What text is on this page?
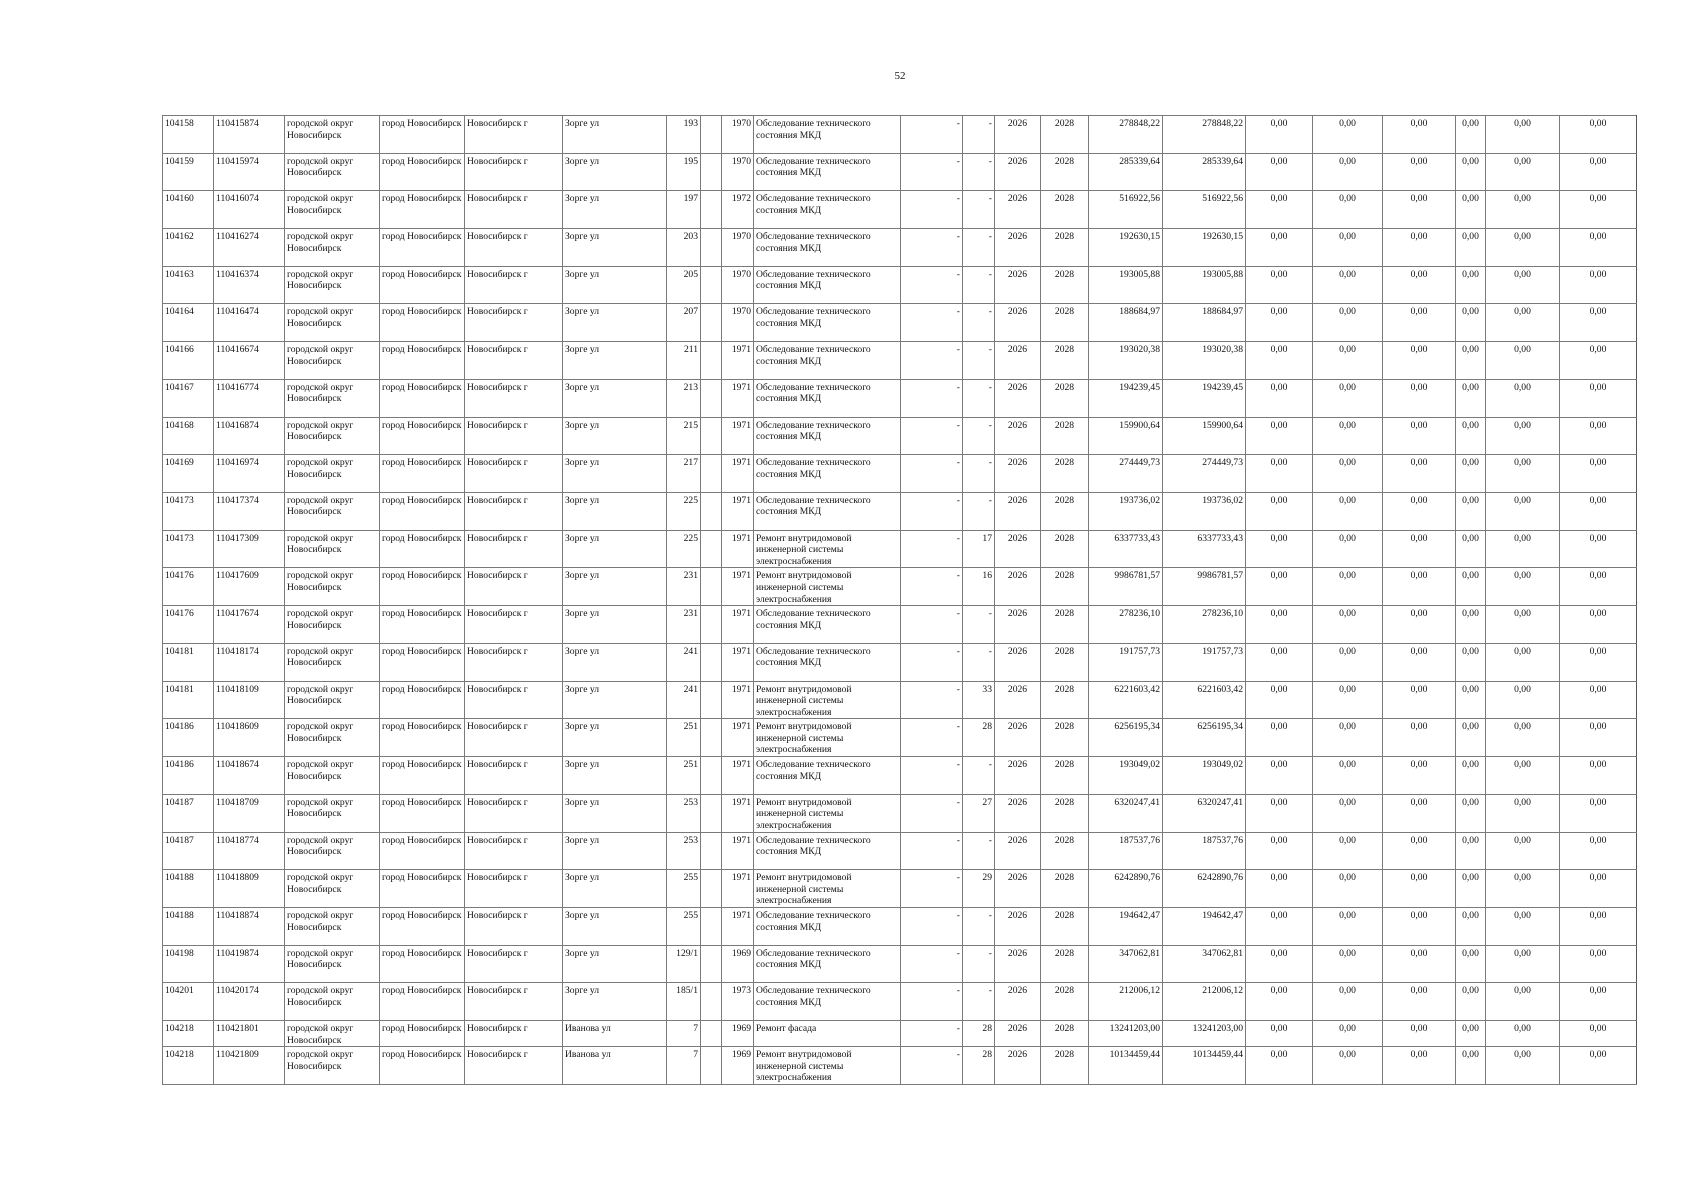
52
104158	110415874	городской округ Новосибирск	город Новосибирск	Новосибирск г	Зорге ул	193		1970	Обследование технического состояния МКД	-	-	2026	2028	278848,22	278848,22	0,00	0,00	0,00	0,00	0,00	0,00
104159	110415974	городской округ Новосибирск	город Новосибирск	Новосибирск г	Зорге ул	195		1970	Обследование технического состояния МКД	-	-	2026	2028	285339,64	285339,64	0,00	0,00	0,00	0,00	0,00	0,00
104160	110416074	городской округ Новосибирск	город Новосибирск	Новосибирск г	Зорге ул	197		1972	Обследование технического состояния МКД	-	-	2026	2028	516922,56	516922,56	0,00	0,00	0,00	0,00	0,00	0,00
104162	110416274	городской округ Новосибирск	город Новосибирск	Новосибирск г	Зорге ул	203		1970	Обследование технического состояния МКД	-	-	2026	2028	192630,15	192630,15	0,00	0,00	0,00	0,00	0,00	0,00
104163	110416374	городской округ Новосибирск	город Новосибирск	Новосибирск г	Зорге ул	205		1970	Обследование технического состояния МКД	-	-	2026	2028	193005,88	193005,88	0,00	0,00	0,00	0,00	0,00	0,00
104164	110416474	городской округ Новосибирск	город Новосибирск	Новосибирск г	Зорге ул	207		1970	Обследование технического состояния МКД	-	-	2026	2028	188684,97	188684,97	0,00	0,00	0,00	0,00	0,00	0,00
104166	110416674	городской округ Новосибирск	город Новосибирск	Новосибирск г	Зорге ул	211		1971	Обследование технического состояния МКД	-	-	2026	2028	193020,38	193020,38	0,00	0,00	0,00	0,00	0,00	0,00
104167	110416774	городской округ Новосибирск	город Новосибирск	Новосибирск г	Зорге ул	213		1971	Обследование технического состояния МКД	-	-	2026	2028	194239,45	194239,45	0,00	0,00	0,00	0,00	0,00	0,00
104168	110416874	городской округ Новосибирск	город Новосибирск	Новосибирск г	Зорге ул	215		1971	Обследование технического состояния МКД	-	-	2026	2028	159900,64	159900,64	0,00	0,00	0,00	0,00	0,00	0,00
104169	110416974	городской округ Новосибирск	город Новосибирск	Новосибирск г	Зорге ул	217		1971	Обследование технического состояния МКД	-	-	2026	2028	274449,73	274449,73	0,00	0,00	0,00	0,00	0,00	0,00
104173	110417374	городской округ Новосибирск	город Новосибирск	Новосибирск г	Зорге ул	225		1971	Обследование технического состояния МКД	-	-	2026	2028	193736,02	193736,02	0,00	0,00	0,00	0,00	0,00	0,00
104173	110417309	городской округ Новосибирск	город Новосибирск	Новосибирск г	Зорге ул	225		1971	Ремонт внутридомовой инженерной системы электроснабжения	-	17	2026	2028	6337733,43	6337733,43	0,00	0,00	0,00	0,00	0,00	0,00
104176	110417609	городской округ Новосибирск	город Новосибирск	Новосибирск г	Зорге ул	231		1971	Ремонт внутридомовой инженерной системы электроснабжения	-	16	2026	2028	9986781,57	9986781,57	0,00	0,00	0,00	0,00	0,00	0,00
104176	110417674	городской округ Новосибирск	город Новосибирск	Новосибирск г	Зорге ул	231		1971	Обследование технического состояния МКД	-	-	2026	2028	278236,10	278236,10	0,00	0,00	0,00	0,00	0,00	0,00
104181	110418174	городской округ Новосибирск	город Новосибирск	Новосибирск г	Зорге ул	241		1971	Обследование технического состояния МКД	-	-	2026	2028	191757,73	191757,73	0,00	0,00	0,00	0,00	0,00	0,00
104181	110418109	городской округ Новосибирск	город Новосибирск	Новосибирск г	Зорге ул	241		1971	Ремонт внутридомовой инженерной системы электроснабжения	-	33	2026	2028	6221603,42	6221603,42	0,00	0,00	0,00	0,00	0,00	0,00
104186	110418609	городской округ Новосибирск	город Новосибирск	Новосибирск г	Зорге ул	251		1971	Ремонт внутридомовой инженерной системы электроснабжения	-	28	2026	2028	6256195,34	6256195,34	0,00	0,00	0,00	0,00	0,00	0,00
104186	110418674	городской округ Новосибирск	город Новосибирск	Новосибирск г	Зорге ул	251		1971	Обследование технического состояния МКД	-	-	2026	2028	193049,02	193049,02	0,00	0,00	0,00	0,00	0,00	0,00
104187	110418709	городской округ Новосибирск	город Новосибирск	Новосибирск г	Зорге ул	253		1971	Ремонт внутридомовой инженерной системы электроснабжения	-	27	2026	2028	6320247,41	6320247,41	0,00	0,00	0,00	0,00	0,00	0,00
104187	110418774	городской округ Новосибирск	город Новосибирск	Новосибирск г	Зорге ул	253		1971	Обследование технического состояния МКД	-	-	2026	2028	187537,76	187537,76	0,00	0,00	0,00	0,00	0,00	0,00
104188	110418809	городской округ Новосибирск	город Новосибирск	Новосибирск г	Зорге ул	255		1971	Ремонт внутридомовой инженерной системы электроснабжения	-	29	2026	2028	6242890,76	6242890,76	0,00	0,00	0,00	0,00	0,00	0,00
104188	110418874	городской округ Новосибирск	город Новосибирск	Новосибирск г	Зорге ул	255		1971	Обследование технического состояния МКД	-	-	2026	2028	194642,47	194642,47	0,00	0,00	0,00	0,00	0,00	0,00
104198	110419874	городской округ Новосибирск	город Новосибирск	Новосибирск г	Зорге ул	129/1		1969	Обследование технического состояния МКД	-	-	2026	2028	347062,81	347062,81	0,00	0,00	0,00	0,00	0,00	0,00
104201	110420174	городской округ Новосибирск	город Новосибирск	Новосибирск г	Зорге ул	185/1		1973	Обследование технического состояния МКД	-	-	2026	2028	212006,12	212006,12	0,00	0,00	0,00	0,00	0,00	0,00
104218	110421801	городской округ Новосибирск	город Новосибирск	Новосибирск г	Иванова ул	7		1969	Ремонт фасада	-	28	2026	2028	13241203,00	13241203,00	0,00	0,00	0,00	0,00	0,00	0,00
104218	110421809	городской округ Новосибирск	город Новосибирск	Новосибирск г	Иванова ул	7		1969	Ремонт внутридомовой инженерной системы электроснабжения	-	28	2026	2028	10134459,44	10134459,44	0,00	0,00	0,00	0,00	0,00	0,00
